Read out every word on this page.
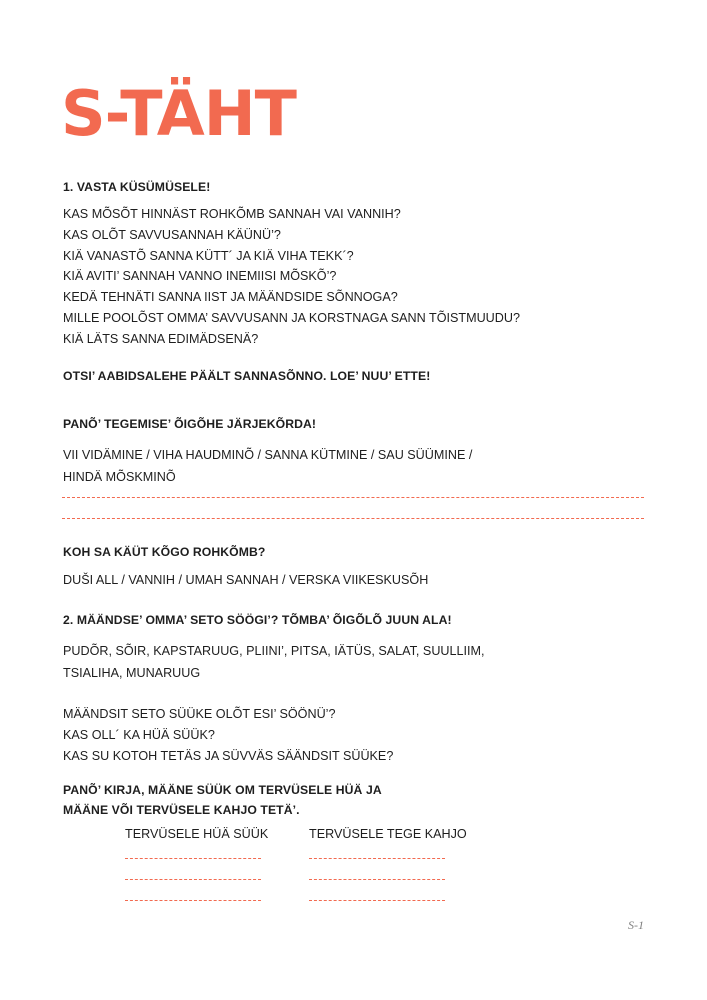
S-TÄHT

1. VASTA KÜSÜMÜSELE!

KAS MÕSÕT HINNÄST ROHKÕMB SANNAH VAI VANNIH?
KAS OLÕT SAVVUSANNAH KÄÜNÜ’?
KIÄ VANASTÕ SANNA KÜTT´ JA KIÄ VIHA TEKK´?
KIÄ AVITI’ SANNAH VANNO INEMIISI MÕSKÕ’?
KEDÄ TEHNÄTI SANNA IIST JA MÄÄNDSIDE SÕNNOGA?
MILLE POOLÕST OMMA’ SAVVUSANN JA KORSTNAGA SANN TÕISTMUUDU?
KIÄ LÄTS SANNA EDIMÄDSENÄ?

OTSI’ AABIDSALEHE PÄÄLT SANNASÕNNO. LOE’ NUU’ ETTE!

PANÕ’ TEGEMISE’ ÕIGÕHE JÄRJEKÕRDA!

VII VIDÄMINE / VIHA HAUDMINÕ / SANNA KÜTMINE / SAU SÜÜMINE /
HINDÄ MÕSKMINÕ

KOH SA KÄÜT KÕGO ROHKÕMB?

DUŠI ALL / VANNIH / UMAH SANNAH / VERSKA VIIKESKUSÕH

2. MÄÄNDSE’ OMMA’ SETO SÖÖGI’? TÕMBA’ ÕIGÕLÕ JUUN ALA!

PUDÕR, SÕIR, KAPSTARUUG, PLIINI’, PITSA, IÄTÜS, SALAT, SUULLIIM,
TSIALIHA, MUNARUUG
MÄÄNDSIT SETO SÜÜKE OLÕT ESI’ SÖÖNÜ’?
KAS OLL´ KA HÜÄ SÜÜK?
KAS SU KOTOH TETÄS JA SÜVVÄS SÄÄNDSIT SÜÜKE?
PANÕ’ KIRJA, MÄÄNE SÜÜK OM TERVÜSELE HÜÄ JA
MÄÄNE VÕI TERVÜSELE KAHJO TETÄ’.

TERVÜSELE HÜÄ SÜÜK	TERVÜSELE TEGE KAHJO

S-1
